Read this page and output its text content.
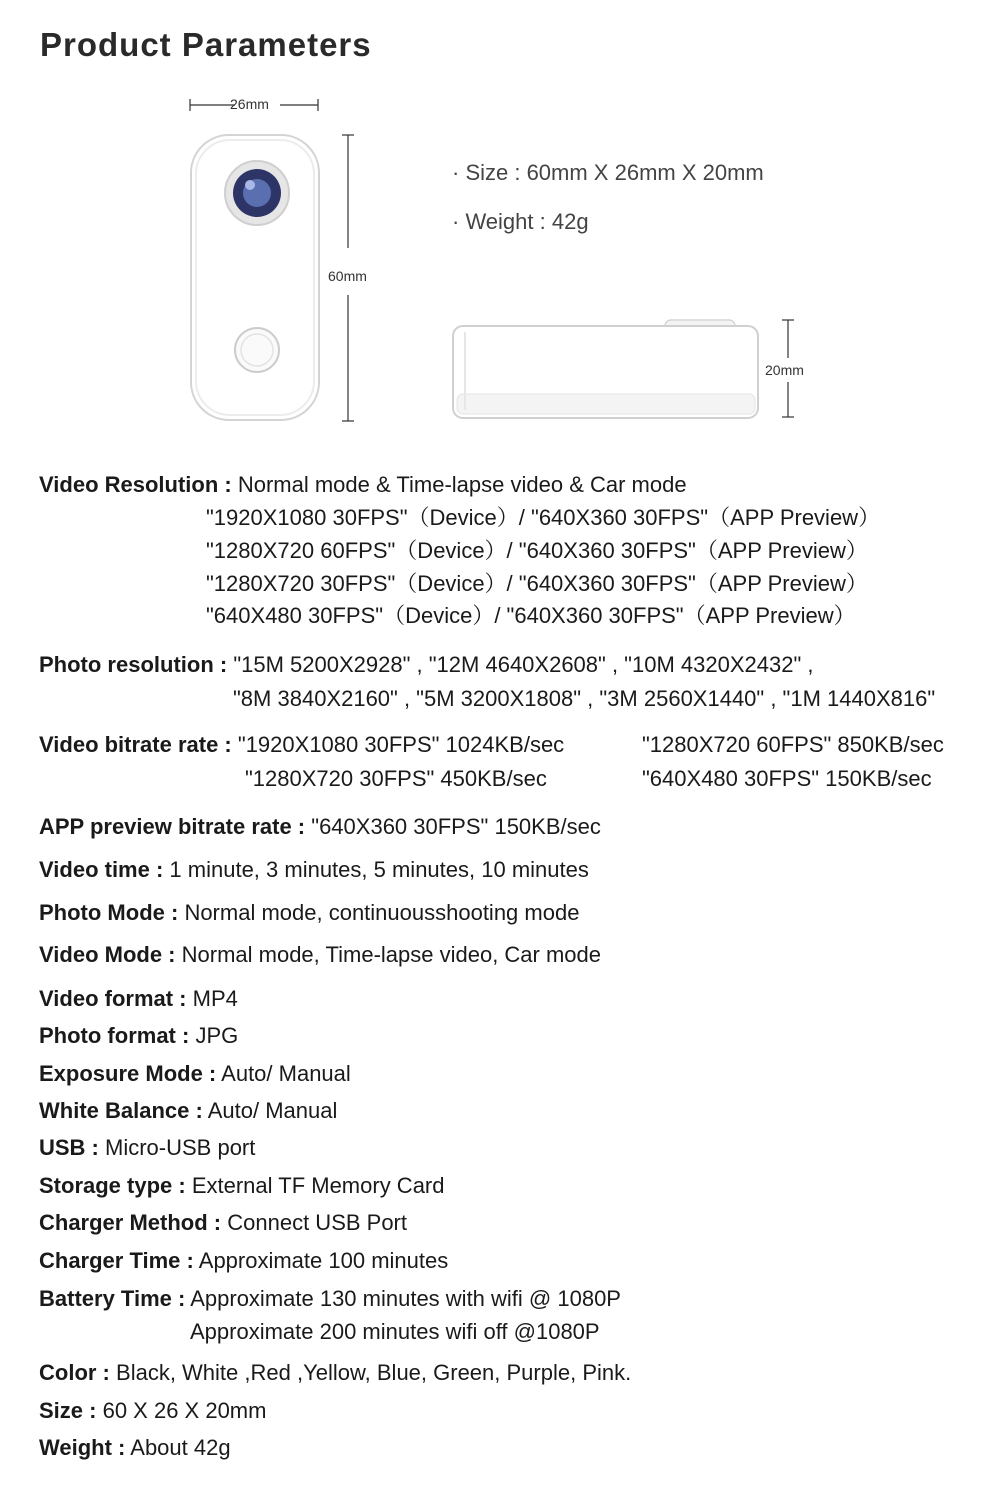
Product Parameters
26mm
60mm
· Size : 60mm X 26mm X 20mm
· Weight : 42g
20mm
Video Resolution : Normal mode & Time-lapse video & Car mode
"1920X1080 30FPS"（Device）/ "640X360 30FPS"（APP Preview）
"1280X720 60FPS"（Device）/ "640X360 30FPS"（APP Preview）
"1280X720 30FPS"（Device）/ "640X360 30FPS"（APP Preview）
"640X480 30FPS"（Device）/ "640X360 30FPS"（APP Preview）
Photo resolution : "15M 5200X2928" , "12M 4640X2608" , "10M 4320X2432" ,
"8M 3840X2160" , "5M 3200X1808" , "3M 2560X1440" , "1M 1440X816"
Video bitrate rate : "1920X1080 30FPS" 1024KB/sec	"1280X720 60FPS" 850KB/sec
"1280X720 30FPS" 450KB/sec	"640X480 30FPS" 150KB/sec
APP preview bitrate rate : "640X360 30FPS" 150KB/sec
Video time : 1 minute, 3 minutes, 5 minutes, 10 minutes
Photo Mode : Normal mode, continuousshooting mode
Video Mode : Normal mode, Time-lapse video, Car mode
Video format : MP4
Photo format : JPG
Exposure Mode : Auto/ Manual
White Balance : Auto/ Manual
USB : Micro-USB port
Storage type : External TF Memory Card
Charger Method : Connect USB Port
Charger Time : Approximate 100 minutes
Battery Time : Approximate 130 minutes with wifi @ 1080P
Approximate 200 minutes wifi off @1080P
Color : Black, White ,Red ,Yellow, Blue, Green, Purple, Pink.
Size : 60 X 26 X 20mm
Weight : About 42g
